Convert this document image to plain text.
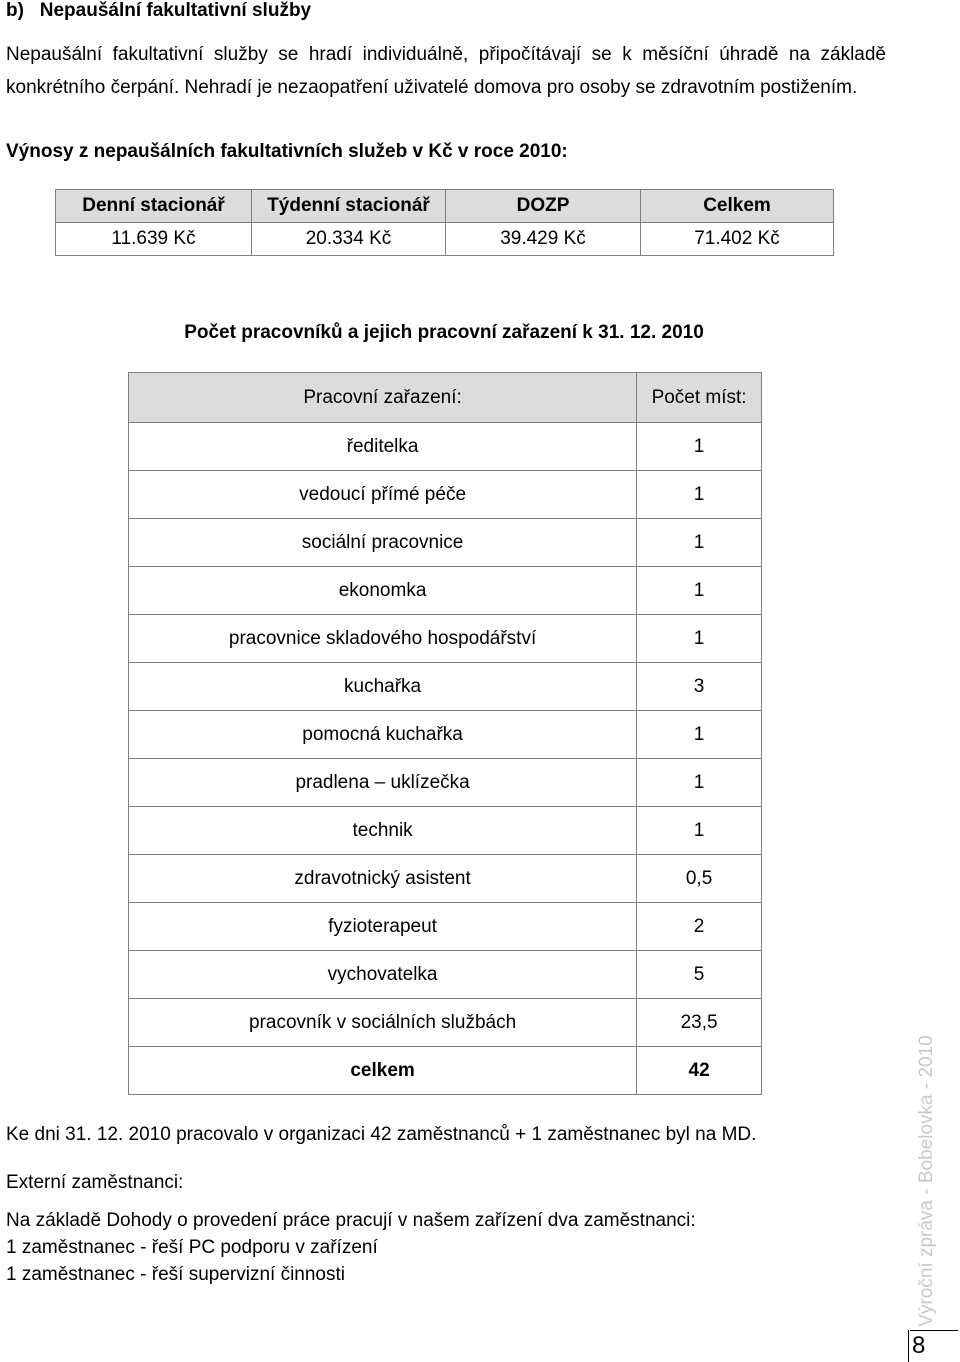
b)   Nepaušální fakultativní služby
Nepaušální fakultativní služby se hradí individuálně, připočítávají se k měsíční úhradě na základě konkrétního čerpání. Nehradí je nezaopatření uživatelé domova pro osoby se zdravotním postižením.
Výnosy z nepaušálních fakultativních služeb v Kč v roce 2010:
Denní stacionář	Týdenní stacionář	DOZP	Celkem
11.639 Kč	20.334 Kč	39.429 Kč	71.402 Kč
Počet pracovníků a jejich pracovní zařazení k 31. 12. 2010
Pracovní zařazení:	Počet míst:
ředitelka	1
vedoucí přímé péče	1
sociální pracovnice	1
ekonomka	1
pracovnice skladového hospodářství	1
kuchařka	3
pomocná kuchařka	1
pradlena – uklízečka	1
technik	1
zdravotnický asistent	0,5
fyzioterapeut	2
vychovatelka	5
pracovník v sociálních službách	23,5
celkem	42
Ke dni 31. 12. 2010 pracovalo v organizaci 42 zaměstnanců + 1 zaměstnanec byl na MD.
Externí zaměstnanci:
Na základě Dohody o provedení práce pracují v našem zařízení dva zaměstnanci:
1 zaměstnanec - řeší PC podporu v zařízení
1 zaměstnanec - řeší supervizní činnosti	Výroční zpráva - Bobelovka - 2010
8
